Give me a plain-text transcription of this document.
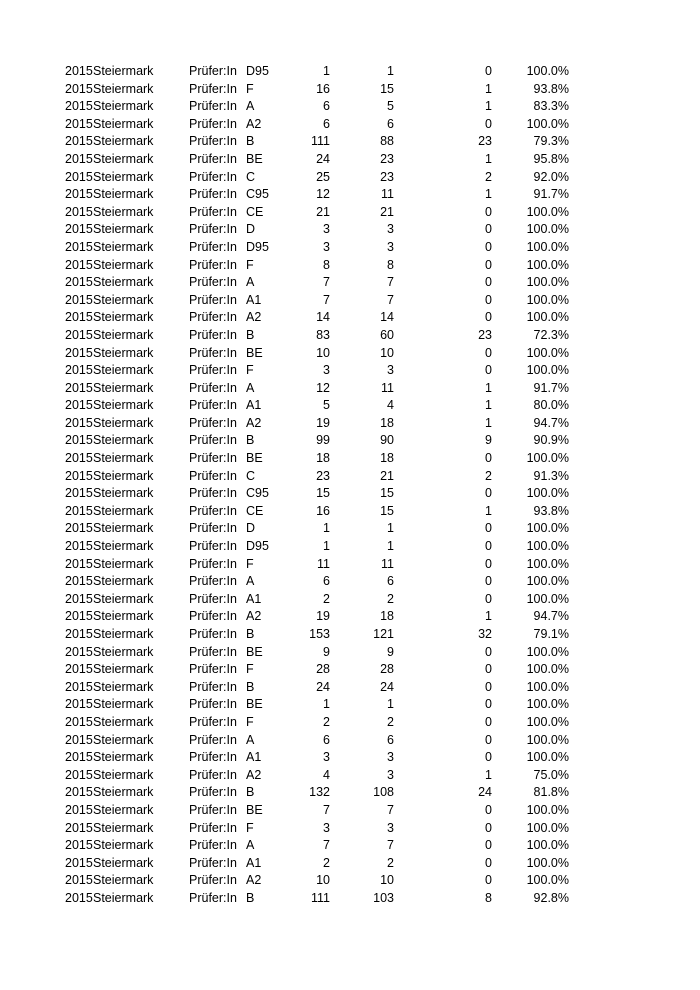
2015 Steiermark	Prüfer:In D95	1	1	0	100.0%
2015 Steiermark	Prüfer:In F	16	15	1	93.8%
2015 Steiermark	Prüfer:In A	6	5	1	83.3%
2015 Steiermark	Prüfer:In A2	6	6	0	100.0%
2015 Steiermark	Prüfer:In B	111	88	23	79.3%
2015 Steiermark	Prüfer:In BE	24	23	1	95.8%
2015 Steiermark	Prüfer:In C	25	23	2	92.0%
2015 Steiermark	Prüfer:In C95	12	11	1	91.7%
2015 Steiermark	Prüfer:In CE	21	21	0	100.0%
2015 Steiermark	Prüfer:In D	3	3	0	100.0%
2015 Steiermark	Prüfer:In D95	3	3	0	100.0%
2015 Steiermark	Prüfer:In F	8	8	0	100.0%
2015 Steiermark	Prüfer:In A	7	7	0	100.0%
2015 Steiermark	Prüfer:In A1	7	7	0	100.0%
2015 Steiermark	Prüfer:In A2	14	14	0	100.0%
2015 Steiermark	Prüfer:In B	83	60	23	72.3%
2015 Steiermark	Prüfer:In BE	10	10	0	100.0%
2015 Steiermark	Prüfer:In F	3	3	0	100.0%
2015 Steiermark	Prüfer:In A	12	11	1	91.7%
2015 Steiermark	Prüfer:In A1	5	4	1	80.0%
2015 Steiermark	Prüfer:In A2	19	18	1	94.7%
2015 Steiermark	Prüfer:In B	99	90	9	90.9%
2015 Steiermark	Prüfer:In BE	18	18	0	100.0%
2015 Steiermark	Prüfer:In C	23	21	2	91.3%
2015 Steiermark	Prüfer:In C95	15	15	0	100.0%
2015 Steiermark	Prüfer:In CE	16	15	1	93.8%
2015 Steiermark	Prüfer:In D	1	1	0	100.0%
2015 Steiermark	Prüfer:In D95	1	1	0	100.0%
2015 Steiermark	Prüfer:In F	11	11	0	100.0%
2015 Steiermark	Prüfer:In A	6	6	0	100.0%
2015 Steiermark	Prüfer:In A1	2	2	0	100.0%
2015 Steiermark	Prüfer:In A2	19	18	1	94.7%
2015 Steiermark	Prüfer:In B	153	121	32	79.1%
2015 Steiermark	Prüfer:In BE	9	9	0	100.0%
2015 Steiermark	Prüfer:In F	28	28	0	100.0%
2015 Steiermark	Prüfer:In B	24	24	0	100.0%
2015 Steiermark	Prüfer:In BE	1	1	0	100.0%
2015 Steiermark	Prüfer:In F	2	2	0	100.0%
2015 Steiermark	Prüfer:In A	6	6	0	100.0%
2015 Steiermark	Prüfer:In A1	3	3	0	100.0%
2015 Steiermark	Prüfer:In A2	4	3	1	75.0%
2015 Steiermark	Prüfer:In B	132	108	24	81.8%
2015 Steiermark	Prüfer:In BE	7	7	0	100.0%
2015 Steiermark	Prüfer:In F	3	3	0	100.0%
2015 Steiermark	Prüfer:In A	7	7	0	100.0%
2015 Steiermark	Prüfer:In A1	2	2	0	100.0%
2015 Steiermark	Prüfer:In A2	10	10	0	100.0%
2015 Steiermark	Prüfer:In B	111	103	8	92.8%
